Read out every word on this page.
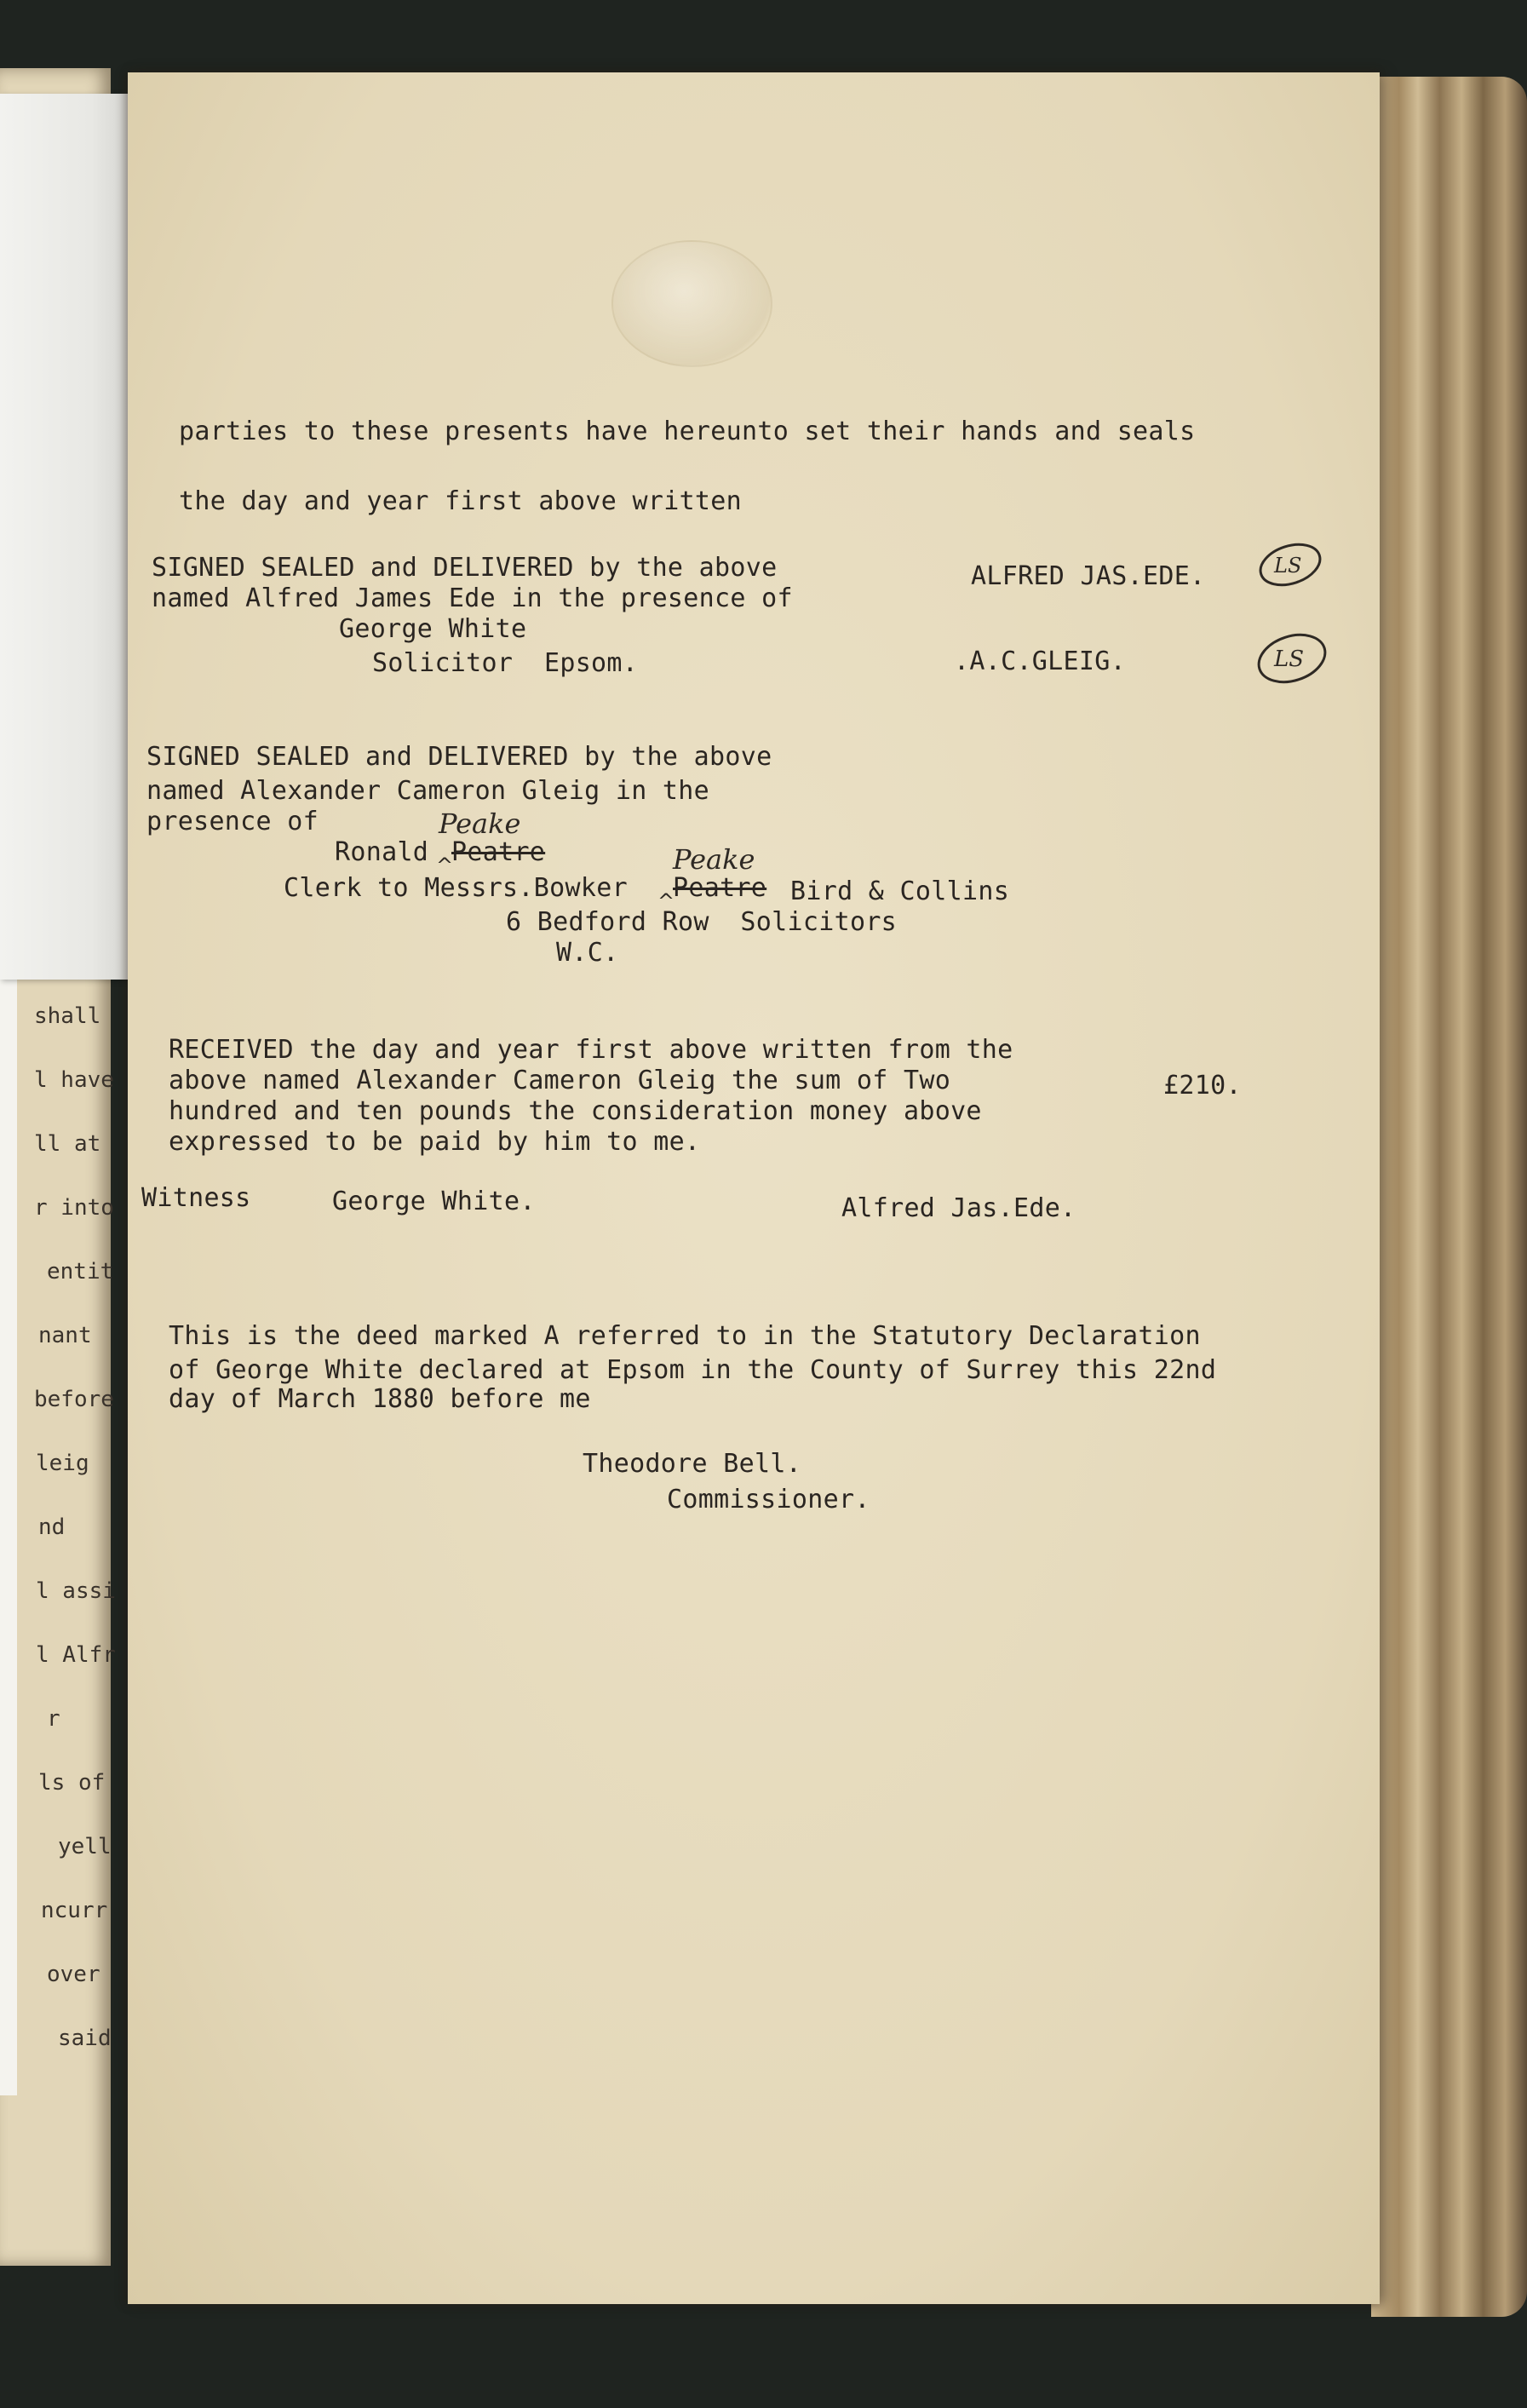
shall
l have
ll at
r into
entit
nant
before
leig
nd
l assi
l Alfr
r
ls of
yell
ncurr
over
said
parties to these presents have hereunto set their hands and seals
the day and year first above written
SIGNED SEALED and DELIVERED by the above
named Alfred James Ede in the presence of
George White
Solicitor  Epsom.
ALFRED JAS.EDE.
.A.C.GLEIG.
LS
LS
SIGNED SEALED and DELIVERED by the above
named Alexander Cameron Gleig in the
presence of
Ronald Peatre
Peake
^
Clerk to Messrs.Bowker Peatre
Peake
^	Bird & Collins
6 Bedford Row  Solicitors
W.C.
RECEIVED the day and year first above written from the
above named Alexander Cameron Gleig the sum of Two
hundred and ten pounds the consideration money above
expressed to be paid by him to me.
£210.
Witness	George White.	Alfred Jas.Ede.
This is the deed marked A referred to in the Statutory Declaration
of George White declared at Epsom in the County of Surrey this 22nd
day of March 1880 before me
Theodore Bell.
Commissioner.
